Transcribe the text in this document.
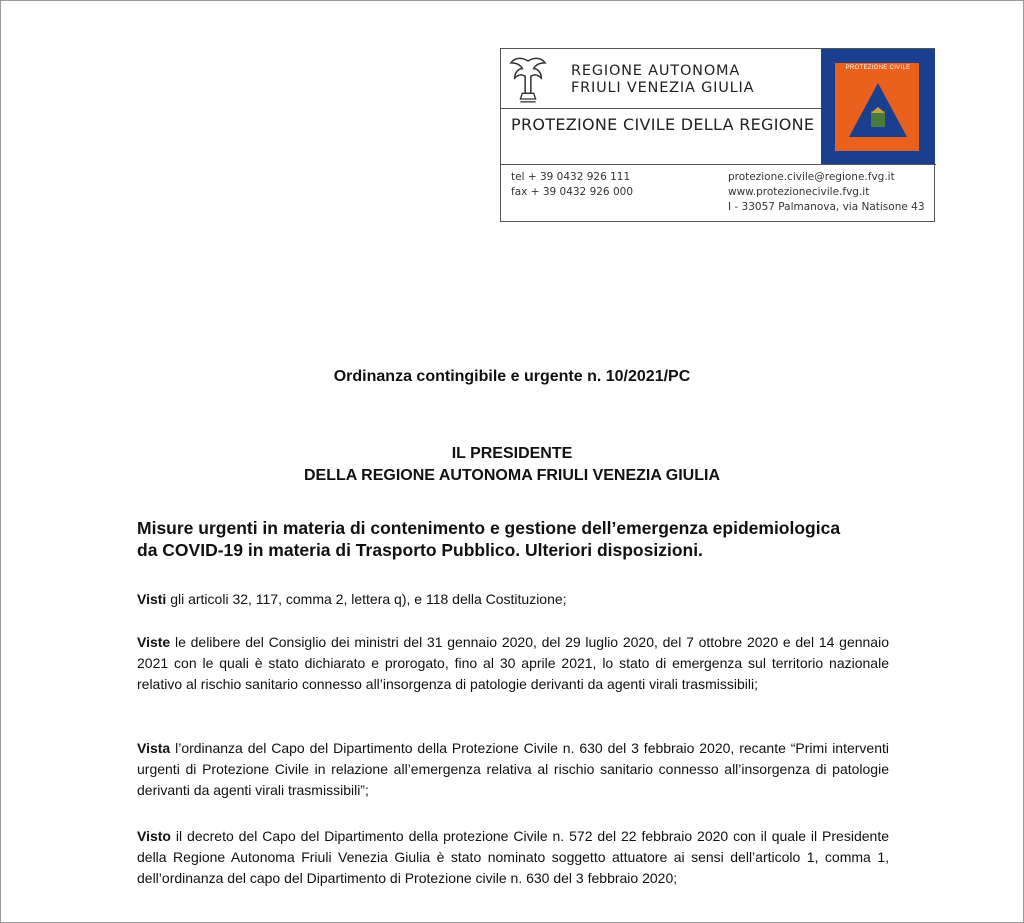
REGIONE AUTONOMA
FRIULI VENEZIA GIULIA
PROTEZIONE CIVILE DELLA REGIONE
PROTEZIONE CIVILE
tel + 39 0432 926 111
fax + 39 0432 926 000
protezione.civile@regione.fvg.it
www.protezionecivile.fvg.it
I - 33057 Palmanova, via Natisone 43
Ordinanza contingibile e urgente n. 10/2021/PC
IL PRESIDENTE
DELLA REGIONE AUTONOMA FRIULI VENEZIA GIULIA
Misure urgenti in materia di contenimento e gestione dell’emergenza epidemiologica
da COVID-19 in materia di Trasporto Pubblico. Ulteriori disposizioni.
Visti gli articoli 32, 117, comma 2, lettera q), e 118 della Costituzione;
Viste le delibere del Consiglio dei ministri del 31 gennaio 2020, del 29 luglio 2020, del 7 ottobre 2020 e del 14 gennaio 2021 con le quali è stato dichiarato e prorogato, fino al 30 aprile 2021, lo stato di emergenza sul territorio nazionale relativo al rischio sanitario connesso all’insorgenza di patologie derivanti da agenti virali trasmissibili;
Vista l’ordinanza del Capo del Dipartimento della Protezione Civile n. 630 del 3 febbraio 2020, recante “Primi interventi urgenti di Protezione Civile in relazione all’emergenza relativa al rischio sanitario connesso all’insorgenza di patologie derivanti da agenti virali trasmissibili”;
Visto il decreto del Capo del Dipartimento della protezione Civile n. 572 del 22 febbraio 2020 con il quale il Presidente della Regione Autonoma Friuli Venezia Giulia è stato nominato soggetto attuatore ai sensi dell’articolo 1, comma 1, dell’ordinanza del capo del Dipartimento di Protezione civile n. 630 del 3 febbraio 2020;
